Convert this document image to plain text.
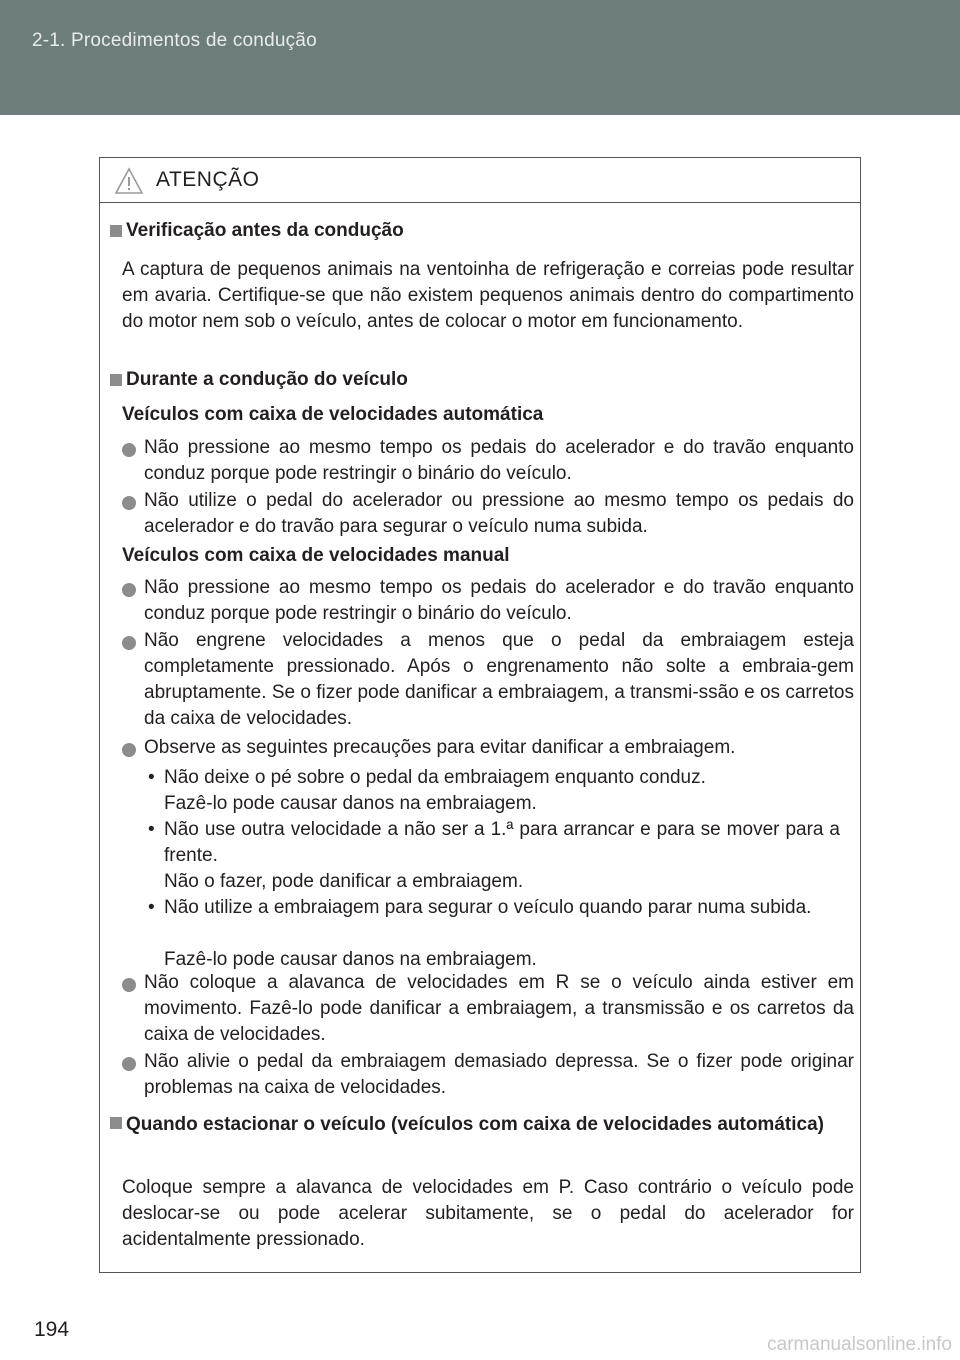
2-1. Procedimentos de condução
ATENÇÃO
Verificação antes da condução
A captura de pequenos animais na ventoinha de refrigeração e correias pode resultar em avaria. Certifique-se que não existem pequenos animais dentro do compartimento do motor nem sob o veículo, antes de colocar o motor em funcionamento.
Durante a condução do veículo
Veículos com caixa de velocidades automática
Não pressione ao mesmo tempo os pedais do acelerador e do travão enquanto conduz porque pode restringir o binário do veículo.
Não utilize o pedal do acelerador ou pressione ao mesmo tempo os pedais do acelerador e do travão para segurar o veículo numa subida.
Veículos com caixa de velocidades manual
Não pressione ao mesmo tempo os pedais do acelerador e do travão enquanto conduz porque pode restringir o binário do veículo.
Não engrene velocidades a menos que o pedal da embraiagem esteja completamente pressionado. Após o engrenamento não solte a embraia-gem abruptamente. Se o fizer pode danificar a embraiagem, a transmi-ssão e os carretos da caixa de velocidades.
Observe as seguintes precauções para evitar danificar a embraiagem.
• Não deixe o pé sobre o pedal da embraiagem enquanto conduz.
Fazê-lo pode causar danos na embraiagem.
• Não use outra velocidade a não ser a 1.ª para arrancar e para se mover para a frente.
Não o fazer, pode danificar a embraiagem.
• Não utilize a embraiagem para segurar o veículo quando parar numa subida.
Fazê-lo pode causar danos na embraiagem.
Não coloque a alavanca de velocidades em R se o veículo ainda estiver em movimento. Fazê-lo pode danificar a embraiagem, a transmissão e os carretos da caixa de velocidades.
Não alivie o pedal da embraiagem demasiado depressa. Se o fizer pode originar problemas na caixa de velocidades.
Quando estacionar o veículo (veículos com caixa de velocidades automática)
Coloque sempre a alavanca de velocidades em P. Caso contrário o veículo pode deslocar-se ou pode acelerar subitamente, se o pedal do acelerador for acidentalmente pressionado.
194
carmanualsonline.info
